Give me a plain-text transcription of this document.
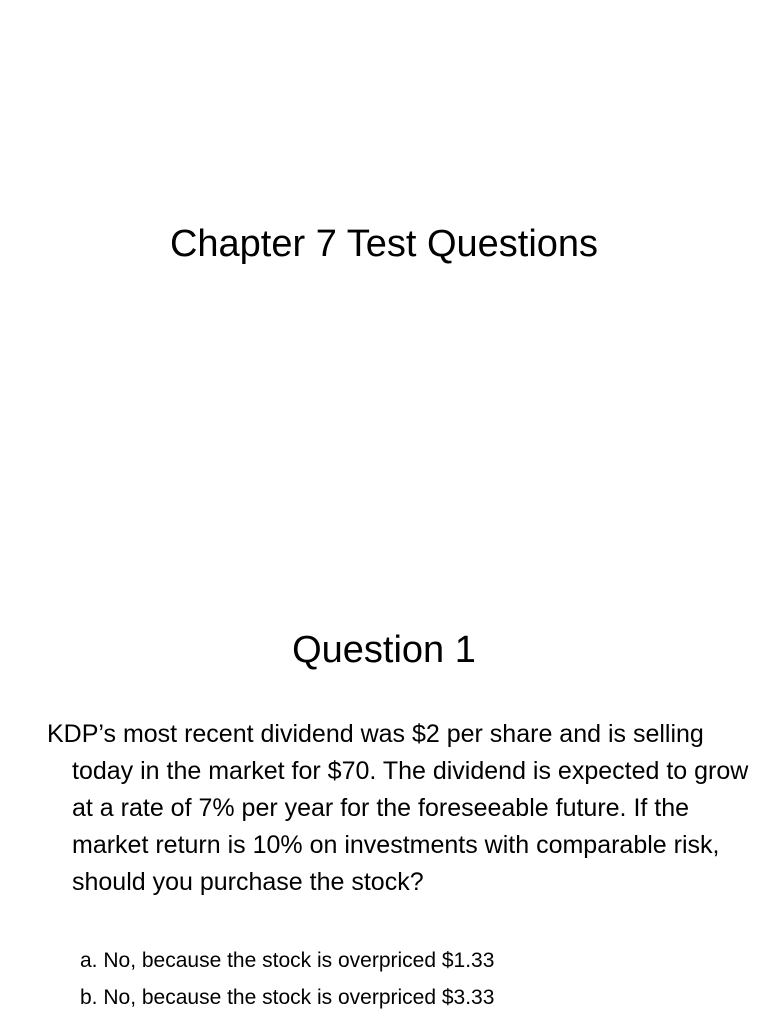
Chapter 7 Test Questions
Question 1
KDP’s most recent dividend was $2 per share and is selling today in the market for $70. The dividend is expected to grow at a rate of 7% per year for the foreseeable future. If the market return is 10% on investments with comparable risk, should you purchase the stock?
a. No, because the stock is overpriced $1.33
b. No, because the stock is overpriced $3.33
